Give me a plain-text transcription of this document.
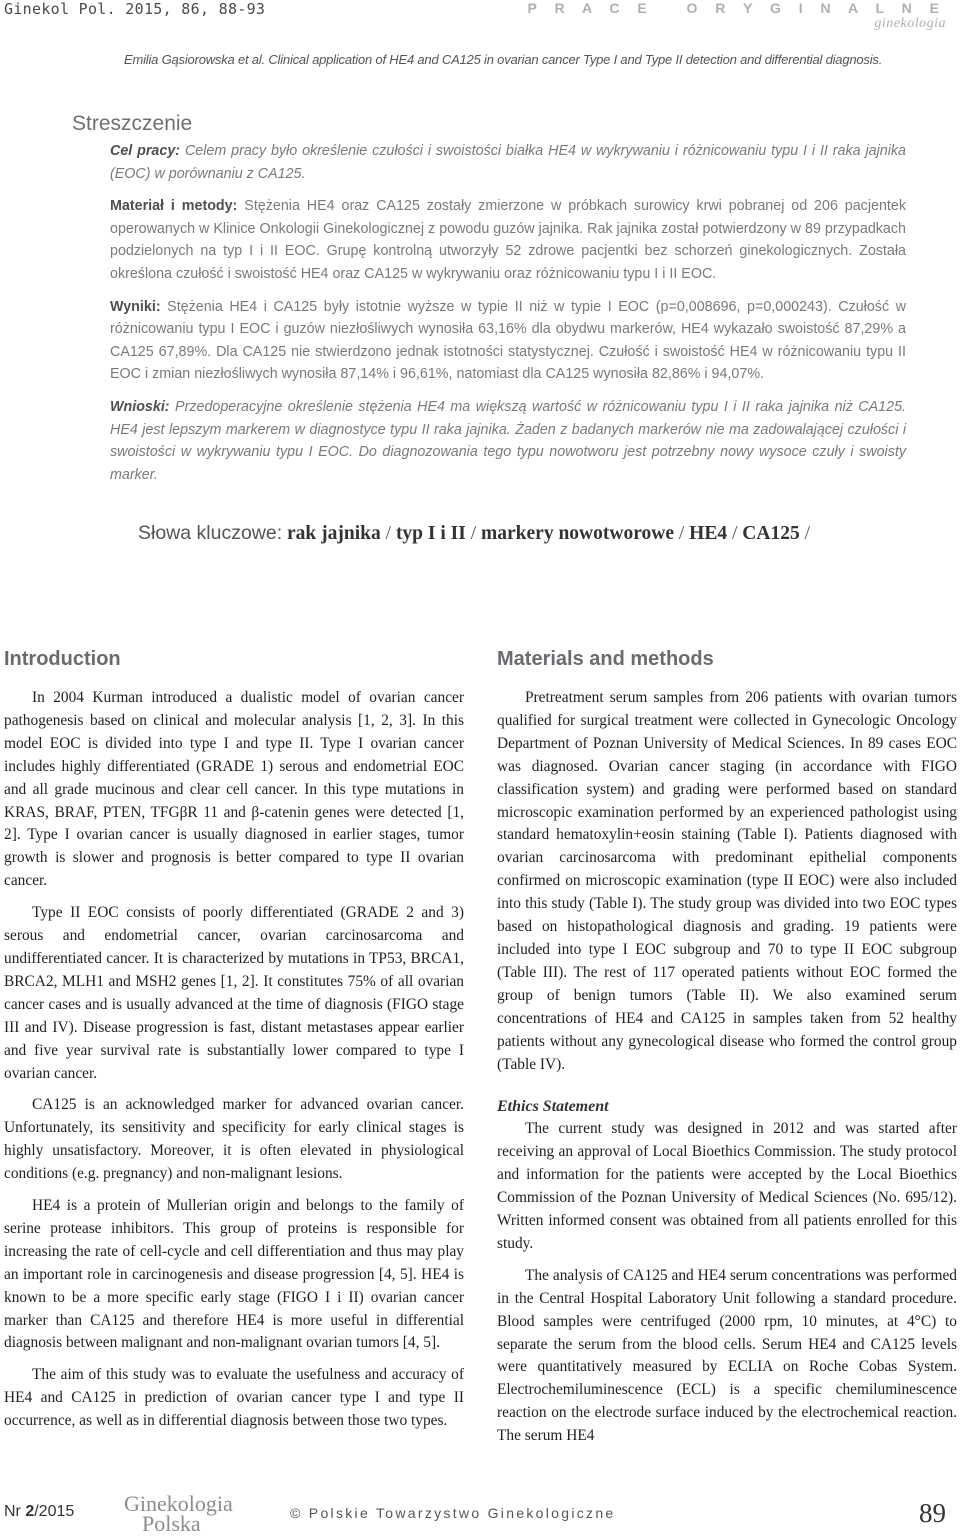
Ginekol Pol. 2015, 86, 88-93	P R A C E   O R Y G I N A L N E
ginekologia
Emilia Gąsiorowska et al. Clinical application of HE4 and CA125 in ovarian cancer Type I and Type II detection and differential diagnosis.
Streszczenie

Cel pracy: Celem pracy było określenie czułości i swoistości białka HE4 w wykrywaniu i różnicowaniu typu I i II raka jajnika (EOC) w porównaniu z CA125.

Materiał i metody: Stężenia HE4 oraz CA125 zostały zmierzone w próbkach surowicy krwi pobranej od 206 pacjentek operowanych w Klinice Onkologii Ginekologicznej z powodu guzów jajnika. Rak jajnika został potwierdzony w 89 przypadkach podzielonych na typ I i II EOC. Grupę kontrolną utworzyły 52 zdrowe pacjentki bez schorzeń ginekologicznych. Została określona czułość i swoistość HE4 oraz CA125 w wykrywaniu oraz różnicowaniu typu I i II EOC.

Wyniki: Stężenia HE4 i CA125 były istotnie wyższe w typie II niż w typie I EOC (p=0,008696, p=0,000243). Czułość w różnicowaniu typu I EOC i guzów niezłośliwych wynosiła 63,16% dla obydwu markerów, HE4 wykazało swoistość 87,29% a CA125 67,89%. Dla CA125 nie stwierdzono jednak istotności statystycznej. Czułość i swoistość HE4 w różnicowaniu typu II EOC i zmian niezłośliwych wynosiła 87,14% i 96,61%, natomiast dla CA125 wynosiła 82,86% i 94,07%.

Wnioski: Przedoperacyjne określenie stężenia HE4 ma większą wartość w różnicowaniu typu I i II raka jajnika niż CA125. HE4 jest lepszym markerem w diagnostyce typu II raka jajnika. Żaden z badanych markerów nie ma zadowalającej czułości i swoistości w wykrywaniu typu I EOC. Do diagnozowania tego typu nowotworu jest potrzebny nowy wysoce czuły i swoisty marker.

Słowa kluczowe: rak jajnika / typ I i II / markery nowotworowe / HE4 / CA125 /
Introduction

In 2004 Kurman introduced a dualistic model of ovarian cancer pathogenesis based on clinical and molecular analysis [1, 2, 3]. In this model EOC is divided into type I and type II. Type I ovarian cancer includes highly differentiated (GRADE 1) serous and endometrial EOC and all grade mucinous and clear cell cancer. In this type mutations in KRAS, BRAF, PTEN, TFGβR 11 and β-catenin genes were detected [1, 2]. Type I ovarian cancer is usually diagnosed in earlier stages, tumor growth is slower and prognosis is better compared to type II ovarian cancer.

Type II EOC consists of poorly differentiated (GRADE 2 and 3) serous and endometrial cancer, ovarian carcinosarcoma and undifferentiated cancer. It is characterized by mutations in TP53, BRCA1, BRCA2, MLH1 and MSH2 genes [1, 2]. It constitutes 75% of all ovarian cancer cases and is usually advanced at the time of diagnosis (FIGO stage III and IV). Disease progression is fast, distant metastases appear earlier and five year survival rate is substantially lower compared to type I ovarian cancer.

CA125 is an acknowledged marker for advanced ovarian cancer. Unfortunately, its sensitivity and specificity for early clinical stages is highly unsatisfactory. Moreover, it is often elevated in physiological conditions (e.g. pregnancy) and non-malignant lesions.

HE4 is a protein of Mullerian origin and belongs to the family of serine protease inhibitors. This group of proteins is responsible for increasing the rate of cell-cycle and cell differentiation and thus may play an important role in carcinogenesis and disease progression [4, 5]. HE4 is known to be a more specific early stage (FIGO I i II) ovarian cancer marker than CA125 and therefore HE4 is more useful in differential diagnosis between malignant and non-malignant ovarian tumors [4, 5].

The aim of this study was to evaluate the usefulness and accuracy of HE4 and CA125 in prediction of ovarian cancer type I and type II occurrence, as well as in differential diagnosis between those two types.

Materials and methods

Pretreatment serum samples from 206 patients with ovarian tumors qualified for surgical treatment were collected in Gynecologic Oncology Department of Poznan University of Medical Sciences. In 89 cases EOC was diagnosed. Ovarian cancer staging (in accordance with FIGO classification system) and grading were performed based on standard microscopic examination performed by an experienced pathologist using standard hematoxylin+eosin staining (Table I). Patients diagnosed with ovarian carcinosarcoma with predominant epithelial components confirmed on microscopic examination (type II EOC) were also included into this study (Table I). The study group was divided into two EOC types based on histopathological diagnosis and grading. 19 patients were included into type I EOC subgroup and 70 to type II EOC subgroup (Table III). The rest of 117 operated patients without EOC formed the group of benign tumors (Table II). We also examined serum concentrations of HE4 and CA125 in samples taken from 52 healthy patients without any gynecological disease who formed the control group (Table IV).

Ethics Statement

The current study was designed in 2012 and was started after receiving an approval of Local Bioethics Commission. The study protocol and information for the patients were accepted by the Local Bioethics Commission of the Poznan University of Medical Sciences (No. 695/12). Written informed consent was obtained from all patients enrolled for this study.

The analysis of CA125 and HE4 serum concentrations was performed in the Central Hospital Laboratory Unit following a standard procedure. Blood samples were centrifuged (2000 rpm, 10 minutes, at 4°C) to separate the serum from the blood cells. Serum HE4 and CA125 levels were quantitatively measured by ECLIA on Roche Cobas System. Electrochemiluminescence (ECL) is a specific chemiluminescence reaction on the electrode surface induced by the electrochemical reaction. The serum HE4

Nr 2/2015 Ginekologia
Polska	© Polskie Towarzystwo Ginekologiczne	89
